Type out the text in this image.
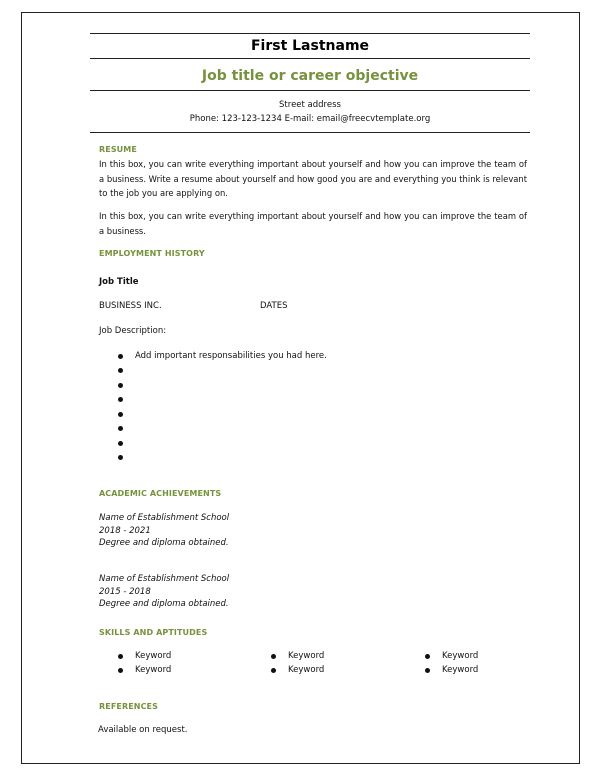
First Lastname
Job title or career objective
Street address
Phone: 123-123-1234 E-mail: email@freecvtemplate.org
RESUME
In this box, you can write everything important about yourself and how you can improve the team of a business. Write a resume about yourself and how good you are and everything you think is relevant to the job you are applying on.
In this box, you can write everything important about yourself and how you can improve the team of a business.
EMPLOYMENT HISTORY
Job Title
BUSINESS INC.	DATES
Job Description:
Add important responsabilities you had here.
ACADEMIC ACHIEVEMENTS
Name of Establishment School
2018 - 2021
Degree and diploma obtained.
Name of Establishment School
2015 - 2018
Degree and diploma obtained.
SKILLS AND APTITUDES
Keyword
Keyword
Keyword
Keyword
Keyword
Keyword
REFERENCES
Available on request.
